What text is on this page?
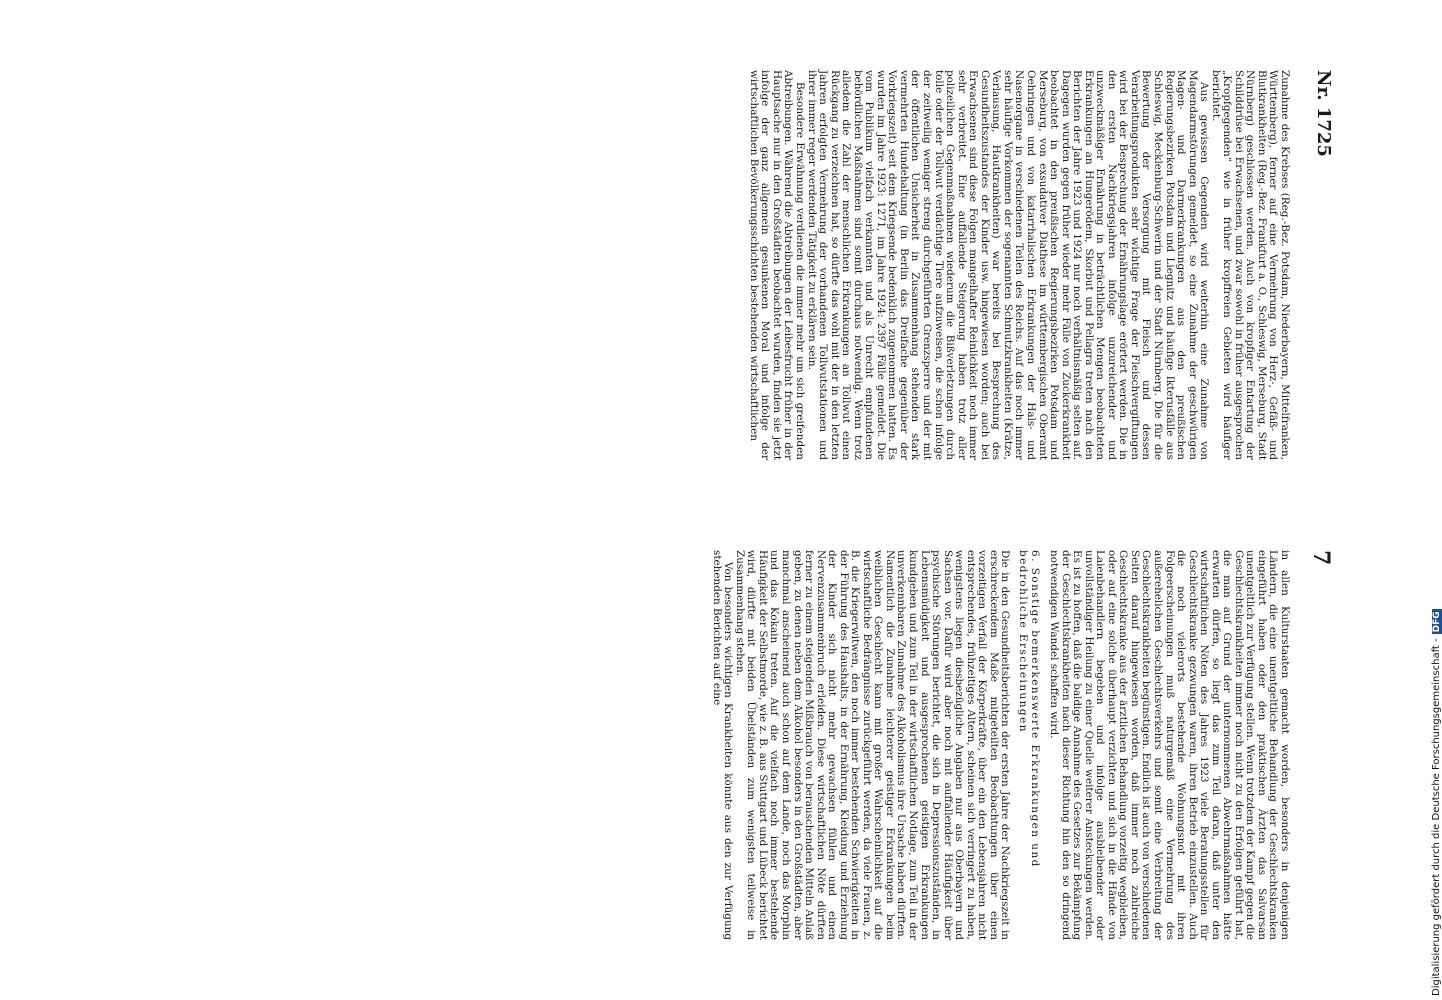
7
Nr. 1725

in allen Kulturstaaten gemacht worden, besonders in denjenigen Ländern, die eine unentgeltliche Behandlung der Geschlechtskranken eingeführt haben oder den praktischen Ärzten das Salvarsan unentgeltlich zur Verfügung stellen. Wenn trotzdem der Kampf gegen die Geschlechtskrankheiten immer noch nicht zu den Erfolgen geführt hat, die man auf Grund der unternommenen Abwehrmaßnahmen hätte erwarten dürfen, so liegt das zum Teil daran, daß unter den wirtschaftlichen Nöten des Jahres 1923 viele Beratungsstellen für Geschlechtskranke gezwungen waren, ihren Betrieb einzustellen. Auch die noch vielerorts bestehende Wohnungsnot mit ihren Folgeerscheinungen muß naturgemäß eine Vermehrung des außerehelichen Geschlechtsverkehrs und somit eine Verbreitung der Geschlechtskrankheiten begünstigen. Endlich ist auch von verschiedenen Seiten darauf hingewiesen worden, daß immer noch zahlreiche Geschlechtskranke aus der ärztlichen Behandlung vorzeitig wegbleiben, oder auf eine solche überhaupt verzichten und sich in die Hände von Laienbehandlern begeben und infolge ausbleibender oder unvollständiger Heilung zu einer Quelle weiterer Ansteckungen werden. Es ist zu hoffen, daß die baldige Annahme des Gesetzes zur Bekämpfung der Geschlechtskrankheiten nach dieser Richtung hin den so dringend notwendigen Wandel schaffen wird.

6. Sonstige bemerkenswerte Erkrankungen und bedrohliche Erscheinungen

Die in den Gesundheitsberichten der ersten Jahre der Nachkriegszeit in erschreckendem Maße mitgeteilten Beobachtungen über einen vorzeitigen Verfall der Körperkräfte, über ein den Lebensjahren nicht entsprechendes, frühzeitiges Altern, scheinen sich verringert zu haben, wenigstens liegen diesbezügliche Angaben nur aus Oberbayern und Sachsen vor. Dafür wird aber noch mit auffallender Häufigkeit über psychische Störungen berichtet, die sich in Depressionszuständen, in Lebensmüdigkeit und ausgesprochenen geistigen Erkrankungen kundgeben und zum Teil in der wirtschaftlichen Notlage, zum Teil in der unverkennbaren Zunahme des Alkoholismus ihre Ursache haben dürften. Namentlich die Zunahme leichterer geistiger Erkrankungen beim weiblichen Geschlecht kann mit großer Wahrscheinlichkeit auf die wirtschaftliche Bedrängnisse zurückgeführt werden, da viele Frauen, z. B. die Kriegerwitwen, den noch immer bestehenden Schwierigkeiten in der Führung des Haushalts, in der Ernährung, Kleidung und Erziehung der Kinder sich nicht mehr gewachsen fühlen und einen Nervenzusammenbruch erleiden. Diese wirtschaftlichen Nöte dürften ferner zu einem steigenden Mißbrauch von berauschenden Mitteln Anlaß geben, zu denen neben dem Alkohol besonders in den Großstädten, aber manchmal anscheinend auch schon auf dem Lande, noch das Morphin und das Kokain treten. Auf die vielfach noch immer bestehende Häufigkeit der Selbstmorde, wie z. B. aus Stuttgart und Lübeck berichtet wird, dürfte mit beiden Übelständen zum wenigsten teilweise in Zusammenhang stehen.

Von besonders wichtigen Krankheiten könnte aus den zur Verfügung stehenden Berichten auf eine

Zunahme des Krebses (Reg.-Bez. Potsdam, Niederbayern, Mittelfranken, Württemberg), ferner auf eine Vermehrung von Herz-, Gefäß- und Blutkrankheiten (Reg.-Bez. Frankfurt a. O., Schleswig, Merseburg, Stadt Nürnberg) geschlossen werden. Auch von kropfiger Entartung der Schilddrüse bei Erwachsenen, und zwar sowohl in früher ausgesprochen „Kropfgegenden“ wie in früher kropffreien Gebieten wird häufiger berichtet.

Aus gewissen Gegenden wird weiterhin eine Zunahme von Magendarmstörungen gemeldet, so eine Zunahme der geschwürigen Magen- und Darmerkrankungen aus den preußischen Regierungsbezirken Potsdam und Liegnitz und häufige Ikterusfälle aus Schleswig, Mecklenburg-Schwerin und der Stadt Nürnberg. Die für die Bewertung der Versorgung mit Fleisch und dessen Verarbeitungsprodukten sehr wichtige Frage der Fleischvergiftungen wird bei der Besprechung der Ernährungslage erörtert werden. Die in den ersten Nachkriegsjahren infolge unzureichender und unzweckmäßiger Ernährung in beträchtlichen Mengen beobachteten Erkrankungen an Hungerödem, Skorbut und Pellagra treten nach den Berichten der Jahre 1923 und 1924 nur noch verhältnismäßig selten auf. Dagegen wurden gegen früher wieder mehr Fälle von Zuckerkrankheit beobachtet in den preußischen Regierungsbezirken Potsdam und Merseburg, von exsudativer Diathese im württembergischen Oberamt Oehringen und von katarrhalischen Erkrankungen der Hals- und Nasenorgane in verschiedenen Teilen des Reichs. Auf das noch immer sehr häufige Vorkommen der sogenannten Schmutzkrankheiten (Krätze, Verlausung, Hautkrankheiten) war bereits bei Besprechung des Gesundheitszustandes der Kinder usw. hingewiesen worden; auch bei Erwachsenen sind diese Folgen mangelhafter Reinlichkeit noch immer sehr verbreitet. Eine auffallende Steigerung haben trotz aller polizeilichen Gegenmaßnahmen wiederum die Bißverletzungen durch tolle oder der Tollwut verdächtige Tiere aufzuweisen, die schon infolge der zeitweilig weniger streng durchgeführten Grenzsperre und der mit der öffentlichen Unsicherheit in Zusammenhang stehenden stark vermehrten Hundehaltung (in Berlin das Dreifache gegenüber der Vorkriegszeit) seit dem Kriegsende bedenklich zugenommen hatten. Es wurden im Jahre 1923: 1271, im Jahre 1924: 2397 Fälle gemeldet. Die vom Publikum vielfach verkannten und als Unrecht empfundenen behördlichen Maßnahmen sind somit durchaus notwendig. Wenn trotz alledem die Zahl der menschlichen Erkrankungen an Tollwut einen Rückgang zu verzeichnen hat, so dürfte das wohl mit der in den letzten Jahren erfolgten Vermehrung der vorhandenen Tollwutstationen und ihrer immer reger werdenden Tätigkeit zu erklären sein.

Besondere Erwähnung verdienen die immer mehr um sich greifenden Abtreibungen. Während die Abtreibungen der Leibesfrucht früher in der Hauptsache nur in den Großstädten beobachtet wurden, finden sie jetzt infolge der ganz allgemein gesunkenen Moral und infolge der wirtschaftlichen Bevölkerungsschichten bestehenden wirtschaftlichen

Digitalisierung gefördert durch die Deutsche Forschungsgemeinschaft -DFG
